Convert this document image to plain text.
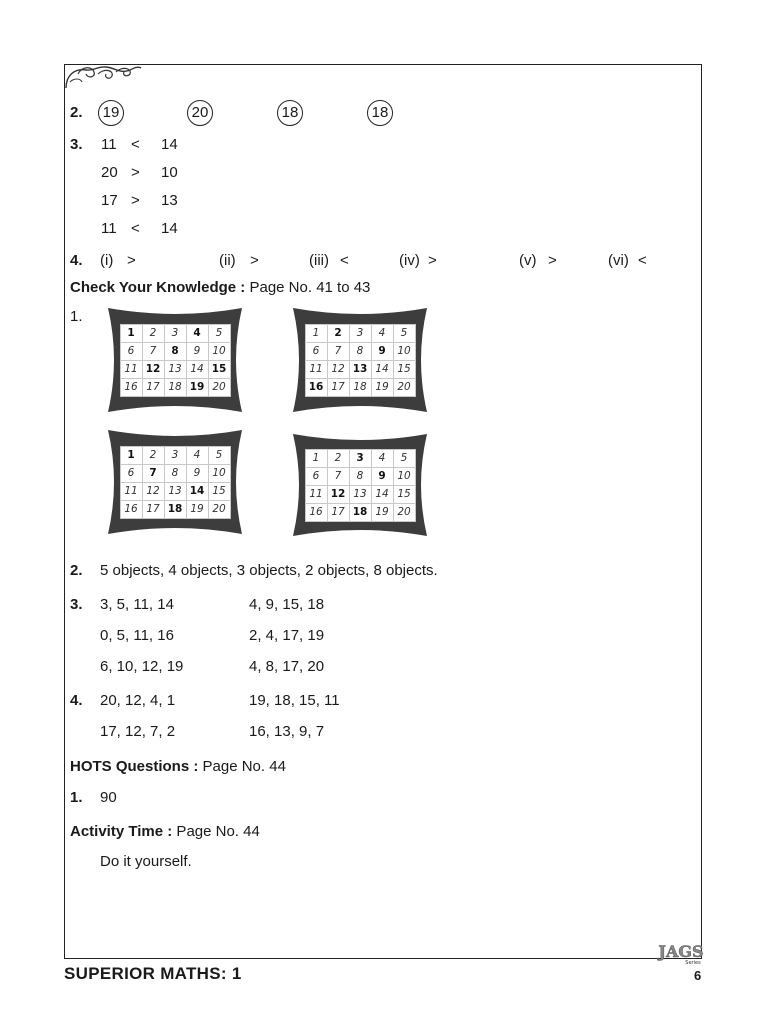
2.	19	20	18	18
3. 11 < 14
20 > 10
17 > 13
11 < 14
4. (i) >	(ii) >	(iii) <	(iv) >	(v) >	(vi) <
Check Your Knowledge : Page No. 41 to 43
1.
1	2	3	4	5
6	7	8	9	10
11	12	13	14	15
16	17	18	19	20
1	2	3	4	5
6	7	8	9	10
11	12	13	14	15
16	17	18	19	20
1	2	3	4	5
6	7	8	9	10
11	12	13	14	15
16	17	18	19	20
1	2	3	4	5
6	7	8	9	10
11	12	13	14	15
16	17	18	19	20
2. 5 objects, 4 objects, 3 objects, 2 objects, 8 objects.
3. 3, 5, 11, 14	4, 9, 15, 18
0, 5, 11, 16	2, 4, 17, 19
6, 10, 12, 19	4, 8, 17, 20
4. 20, 12, 4, 1	19, 18, 15, 11
17, 12, 7, 2	16, 13, 9, 7
HOTS Questions : Page No. 44
1. 90
Activity Time : Page No. 44
Do it yourself.
JAGS
Series
SUPERIOR MATHS: 1	6
